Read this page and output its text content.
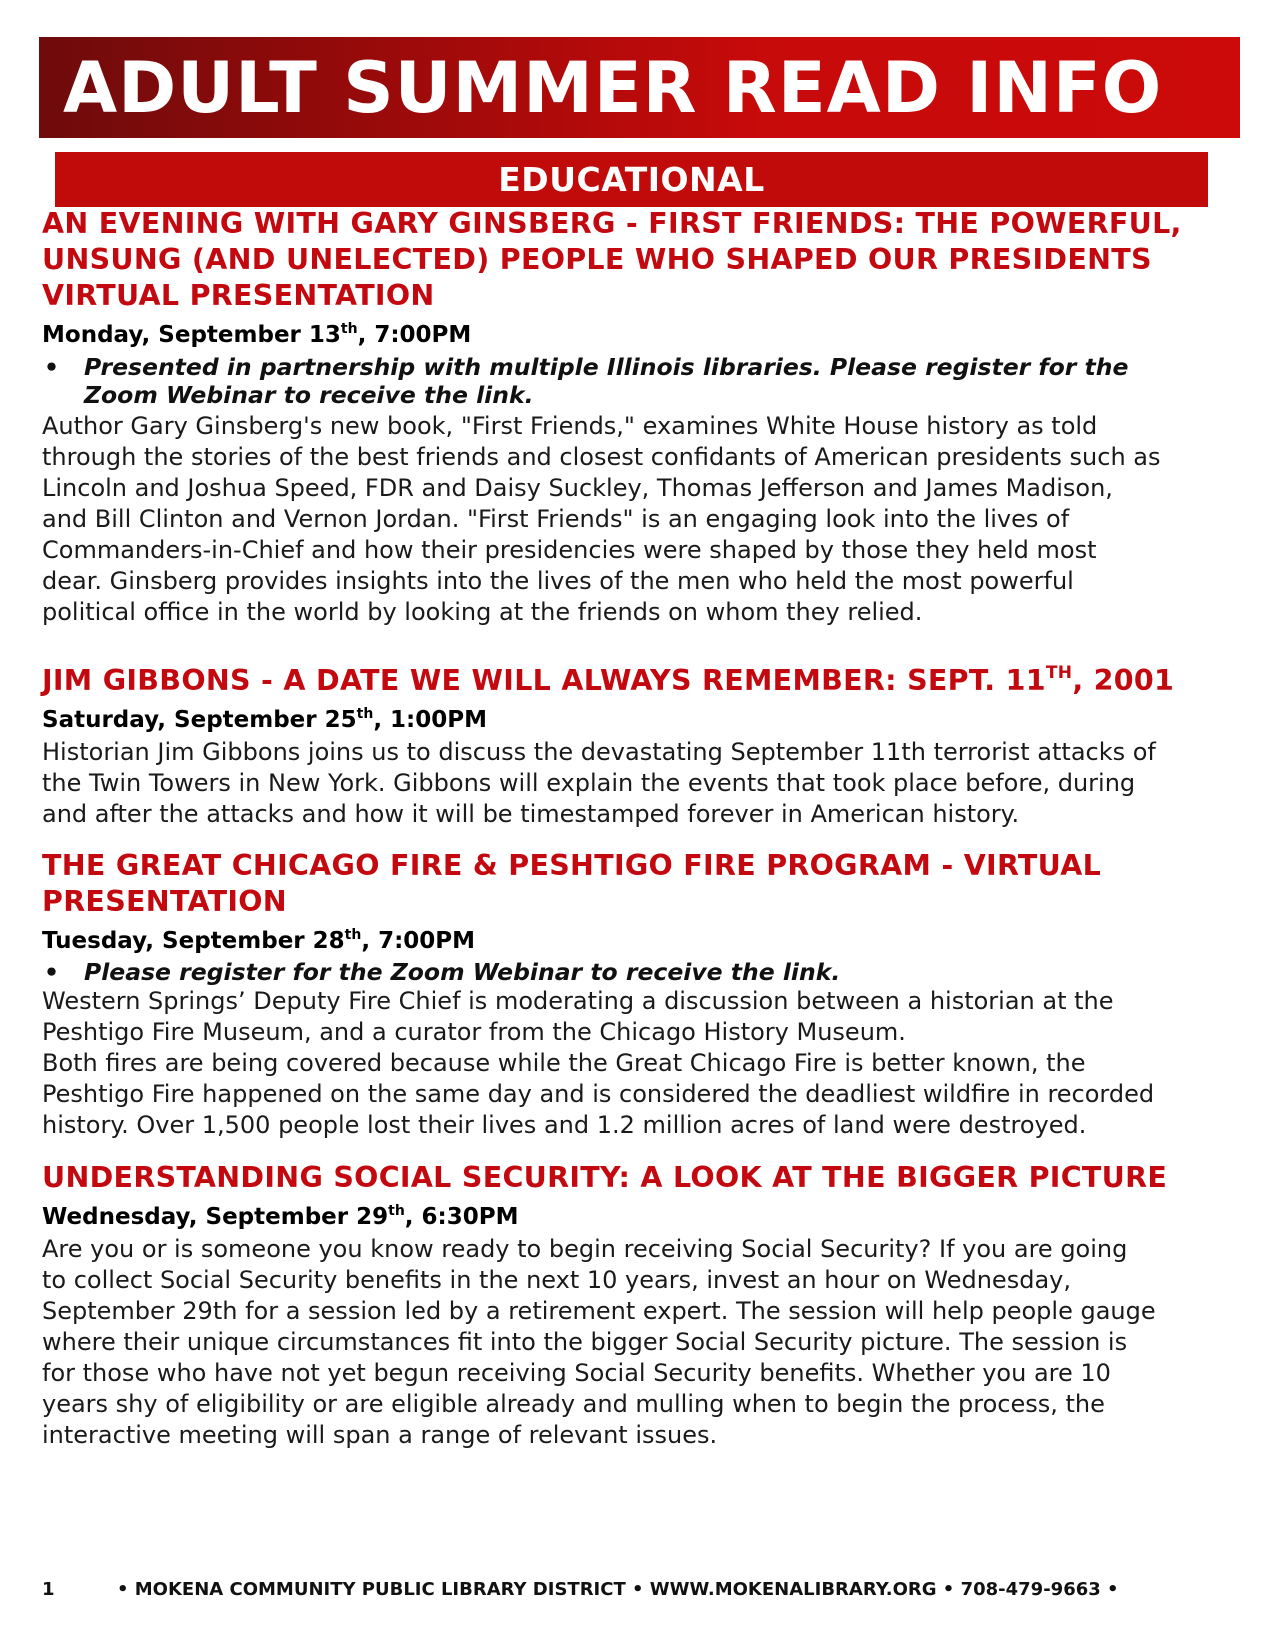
ADULT SUMMER READ INFO
EDUCATIONAL
AN EVENING WITH GARY GINSBERG - FIRST FRIENDS: THE POWERFUL,
UNSUNG (AND UNELECTED) PEOPLE WHO SHAPED OUR PRESIDENTS
VIRTUAL PRESENTATION

Monday, September 13th, 7:00PM

• Presented in partnership with multiple Illinois libraries. Please register for the
Zoom Webinar to receive the link.

Author Gary Ginsberg's new book, "First Friends," examines White House history as told
through the stories of the best friends and closest confidants of American presidents such as
Lincoln and Joshua Speed, FDR and Daisy Suckley, Thomas Jefferson and James Madison,
and Bill Clinton and Vernon Jordan. "First Friends" is an engaging look into the lives of
Commanders-in-Chief and how their presidencies were shaped by those they held most
dear. Ginsberg provides insights into the lives of the men who held the most powerful
political office in the world by looking at the friends on whom they relied.

JIM GIBBONS - A DATE WE WILL ALWAYS REMEMBER: SEPT. 11TH, 2001

Saturday, September 25th, 1:00PM

Historian Jim Gibbons joins us to discuss the devastating September 11th terrorist attacks of
the Twin Towers in New York. Gibbons will explain the events that took place before, during
and after the attacks and how it will be timestamped forever in American history.

THE GREAT CHICAGO FIRE & PESHTIGO FIRE PROGRAM - VIRTUAL
PRESENTATION

Tuesday, September 28th, 7:00PM

• Please register for the Zoom Webinar to receive the link.

Western Springs’ Deputy Fire Chief is moderating a discussion between a historian at the
Peshtigo Fire Museum, and a curator from the Chicago History Museum.
Both fires are being covered because while the Great Chicago Fire is better known, the
Peshtigo Fire happened on the same day and is considered the deadliest wildfire in recorded
history. Over 1,500 people lost their lives and 1.2 million acres of land were destroyed.

UNDERSTANDING SOCIAL SECURITY: A LOOK AT THE BIGGER PICTURE

Wednesday, September 29th, 6:30PM

Are you or is someone you know ready to begin receiving Social Security? If you are going
to collect Social Security benefits in the next 10 years, invest an hour on Wednesday,
September 29th for a session led by a retirement expert. The session will help people gauge
where their unique circumstances fit into the bigger Social Security picture. The session is
for those who have not yet begun receiving Social Security benefits. Whether you are 10
years shy of eligibility or are eligible already and mulling when to begin the process, the
interactive meeting will span a range of relevant issues.

1	• MOKENA COMMUNITY PUBLIC LIBRARY DISTRICT • WWW.MOKENALIBRARY.ORG • 708-479-9663 •
